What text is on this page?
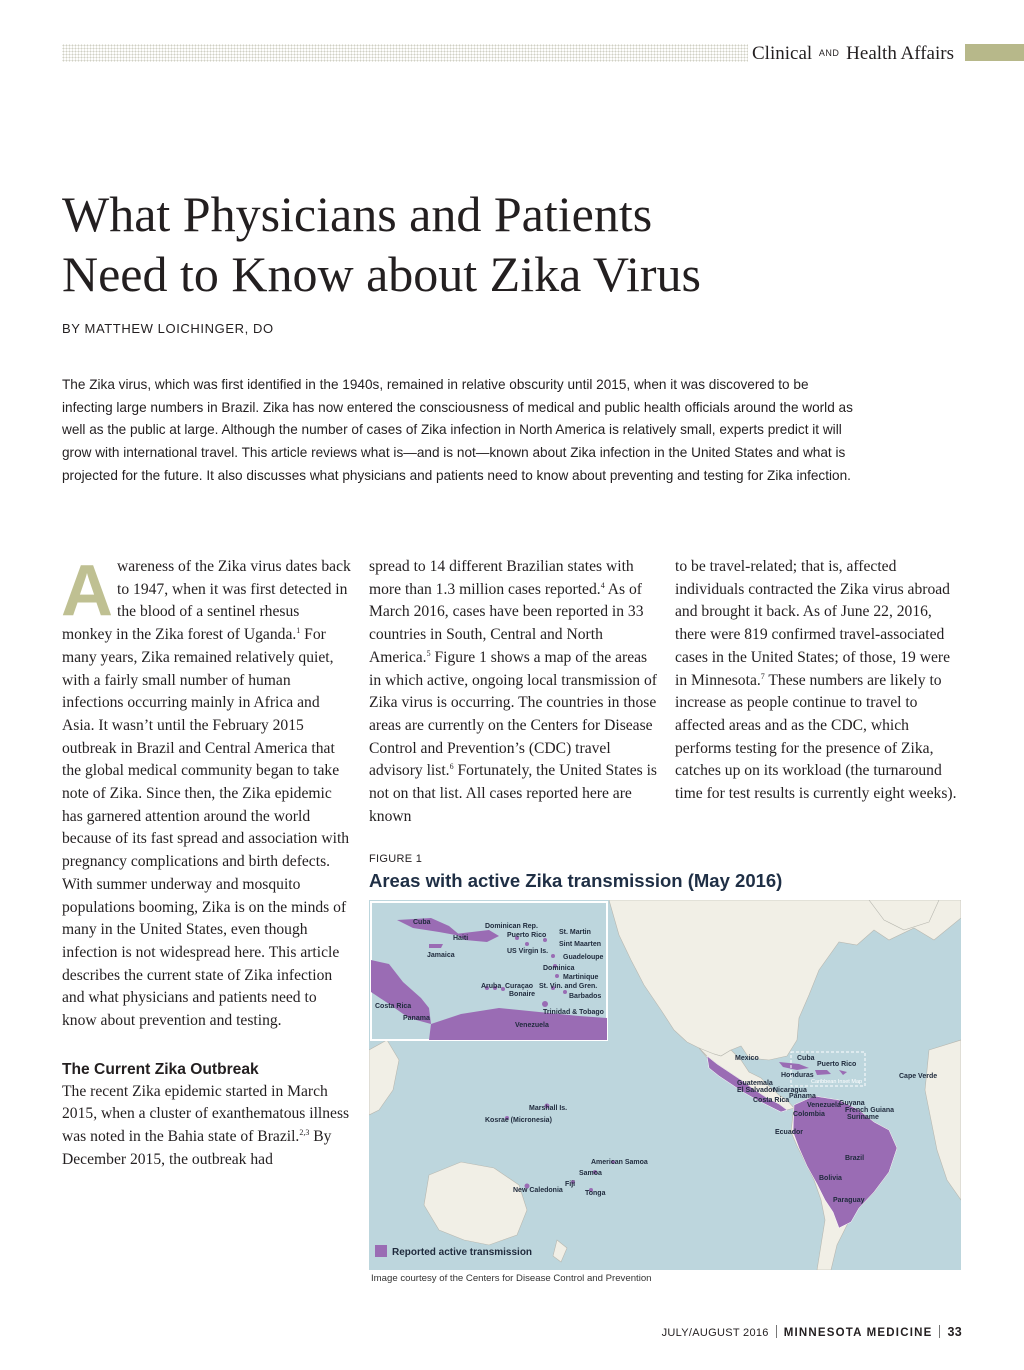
Clinical AND Health Affairs
What Physicians and Patients
Need to Know about Zika Virus
BY MATTHEW LOICHINGER, DO

The Zika virus, which was first identified in the 1940s, remained in relative obscurity until 2015, when it was discovered to be infecting large numbers in Brazil. Zika has now entered the consciousness of medical and public health officials around the world as well as the public at large. Although the number of cases of Zika infection in North America is relatively small, experts predict it will grow with international travel. This article reviews what is—and is not—known about Zika infection in the United States and what is projected for the future. It also discusses what physicians and patients need to know about preventing and testing for Zika infection.

Awareness of the Zika virus dates back to 1947, when it was first detected in the blood of a sentinel rhesus monkey in the Zika forest of Uganda.$^1$ For many years, Zika remained relatively quiet, with a fairly small number of human infections occurring mainly in Africa and Asia. It wasn’t until the February 2015 outbreak in Brazil and Central America that the global medical community began to take note of Zika. Since then, the Zika epidemic has garnered attention around the world because of its fast spread and association with pregnancy complications and birth defects. With summer underway and mosquito populations booming, Zika is on the minds of many in the United States, even though infection is not widespread here. This article describes the current state of Zika infection and what physicians and patients need to know about prevention and testing.

The Current Zika Outbreak

The recent Zika epidemic started in March 2015, when a cluster of exanthematous illness was noted in the Bahia state of Brazil.$^{2,3}$ By December 2015, the outbreak had

spread to 14 different Brazilian states with more than 1.3 million cases reported.$^4$ As of March 2016, cases have been reported in 33 countries in South, Central and North America.$^5$ Figure 1 shows a map of the areas in which active, ongoing local transmission of Zika virus is occurring. The countries in those areas are currently on the Centers for Disease Control and Prevention’s (CDC) travel advisory list.$^6$ Fortunately, the United States is not on that list. All cases reported here are known

to be travel-related; that is, affected individuals contracted the Zika virus abroad and brought it back. As of June 22, 2016, there were 819 confirmed travel-associated cases in the United States; of those, 19 were in Minnesota.$^7$ These numbers are likely to increase as people continue to travel to affected areas and as the CDC, which performs testing for the presence of Zika, catches up on its workload (the turnaround time for test results is currently eight weeks).

FIGURE 1
Areas with active Zika transmission (May 2016)
Cuba
Haiti
Dominican Rep.
Puerto Rico St. Martin
Sint Maarten
Jamaica
US Virgin Is.
Guadeloupe
Dominica
Martinique
St. Vin. and Gren.
Aruba Curaçao
Bonaire	Barbados
Trinidad & Tobago
Costa Rica
Panama
Venezuela
Mexico	Cuba
Puerto Rico
Honduras
Guatemala
El Salvador
Nicaragua
Costa Rica
Panama
Venezuela
Colombia
Guyana
French Guiana
Suriname
Ecuador
Brazil
Bolivia
Paraguay
Cape Verde
Marshall Is.
Kosrae (Micronesia)
American Samoa
Samoa
Fiji
Tonga
New Caledonia
Caribbean Inset Map
Reported active transmission
Image courtesy of the Centers for Disease Control and Prevention
JULY/AUGUST 2016 MINNESOTA MEDICINE 33
